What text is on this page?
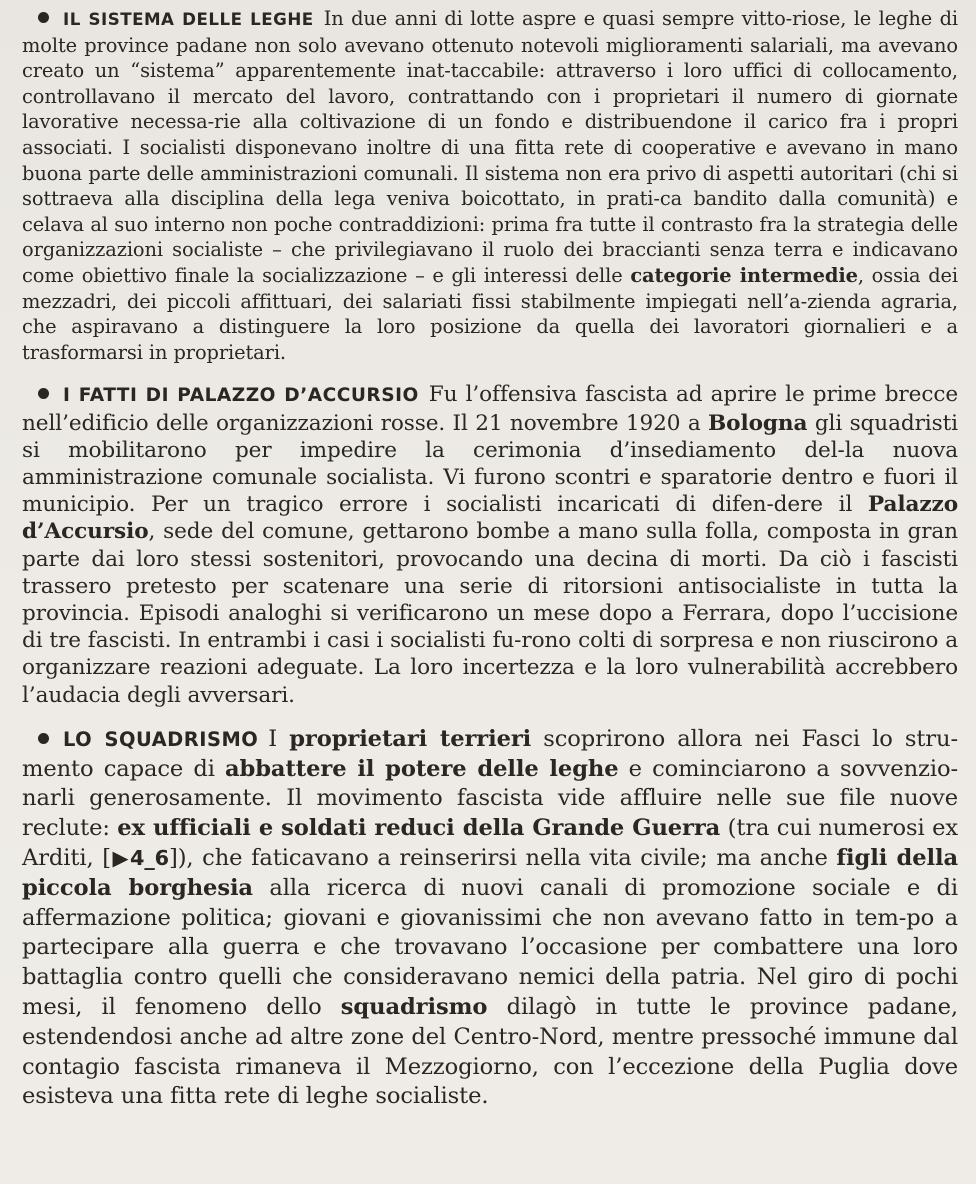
IL SISTEMA DELLE LEGHE In due anni di lotte aspre e quasi sempre vitto-riose, le leghe di molte province padane non solo avevano ottenuto notevoli miglioramenti salariali, ma avevano creato un “sistema” apparentemente inat-taccabile: attraverso i loro uffici di collocamento, controllavano il mercato del lavoro, contrattando con i proprietari il numero di giornate lavorative necessa-rie alla coltivazione di un fondo e distribuendone il carico fra i propri associati. I socialisti disponevano inoltre di una fitta rete di cooperative e avevano in mano buona parte delle amministrazioni comunali. Il sistema non era privo di aspetti autoritari (chi si sottraeva alla disciplina della lega veniva boicottato, in prati-ca bandito dalla comunità) e celava al suo interno non poche contraddizioni: prima fra tutte il contrasto fra la strategia delle organizzazioni socialiste – che privilegiavano il ruolo dei braccianti senza terra e indicavano come obiettivo finale la socializzazione – e gli interessi delle categorie intermedie, ossia dei mezzadri, dei piccoli affittuari, dei salariati fissi stabilmente impiegati nell’a-zienda agraria, che aspiravano a distinguere la loro posizione da quella dei lavoratori giornalieri e a trasformarsi in proprietari.

I FATTI DI PALAZZO D’ACCURSIO Fu l’offensiva fascista ad aprire le prime brecce nell’edificio delle organizzazioni rosse. Il 21 novembre 1920 a Bologna gli squadristi si mobilitarono per impedire la cerimonia d’insediamento del-la nuova amministrazione comunale socialista. Vi furono scontri e sparatorie dentro e fuori il municipio. Per un tragico errore i socialisti incaricati di difen-dere il Palazzo d’Accursio, sede del comune, gettarono bombe a mano sulla folla, composta in gran parte dai loro stessi sostenitori, provocando una decina di morti. Da ciò i fascisti trassero pretesto per scatenare una serie di ritorsioni antisocialiste in tutta la provincia. Episodi analoghi si verificarono un mese dopo a Ferrara, dopo l’uccisione di tre fascisti. In entrambi i casi i socialisti fu-rono colti di sorpresa e non riuscirono a organizzare reazioni adeguate. La loro incertezza e la loro vulnerabilità accrebbero l’audacia degli avversari.

LO SQUADRISMO I proprietari terrieri scoprirono allora nei Fasci lo stru-mento capace di abbattere il potere delle leghe e cominciarono a sovvenzio-narli generosamente. Il movimento fascista vide affluire nelle sue file nuove reclute: ex ufficiali e soldati reduci della Grande Guerra (tra cui numerosi ex Arditi, [▶4_6]), che faticavano a reinserirsi nella vita civile; ma anche figli della piccola borghesia alla ricerca di nuovi canali di promozione sociale e di affermazione politica; giovani e giovanissimi che non avevano fatto in tem-po a partecipare alla guerra e che trovavano l’occasione per combattere una loro battaglia contro quelli che consideravano nemici della patria. Nel giro di pochi mesi, il fenomeno dello squadrismo dilagò in tutte le province padane, estendendosi anche ad altre zone del Centro-Nord, mentre pressoché immune dal contagio fascista rimaneva il Mezzogiorno, con l’eccezione della Puglia dove esisteva una fitta rete di leghe socialiste.
